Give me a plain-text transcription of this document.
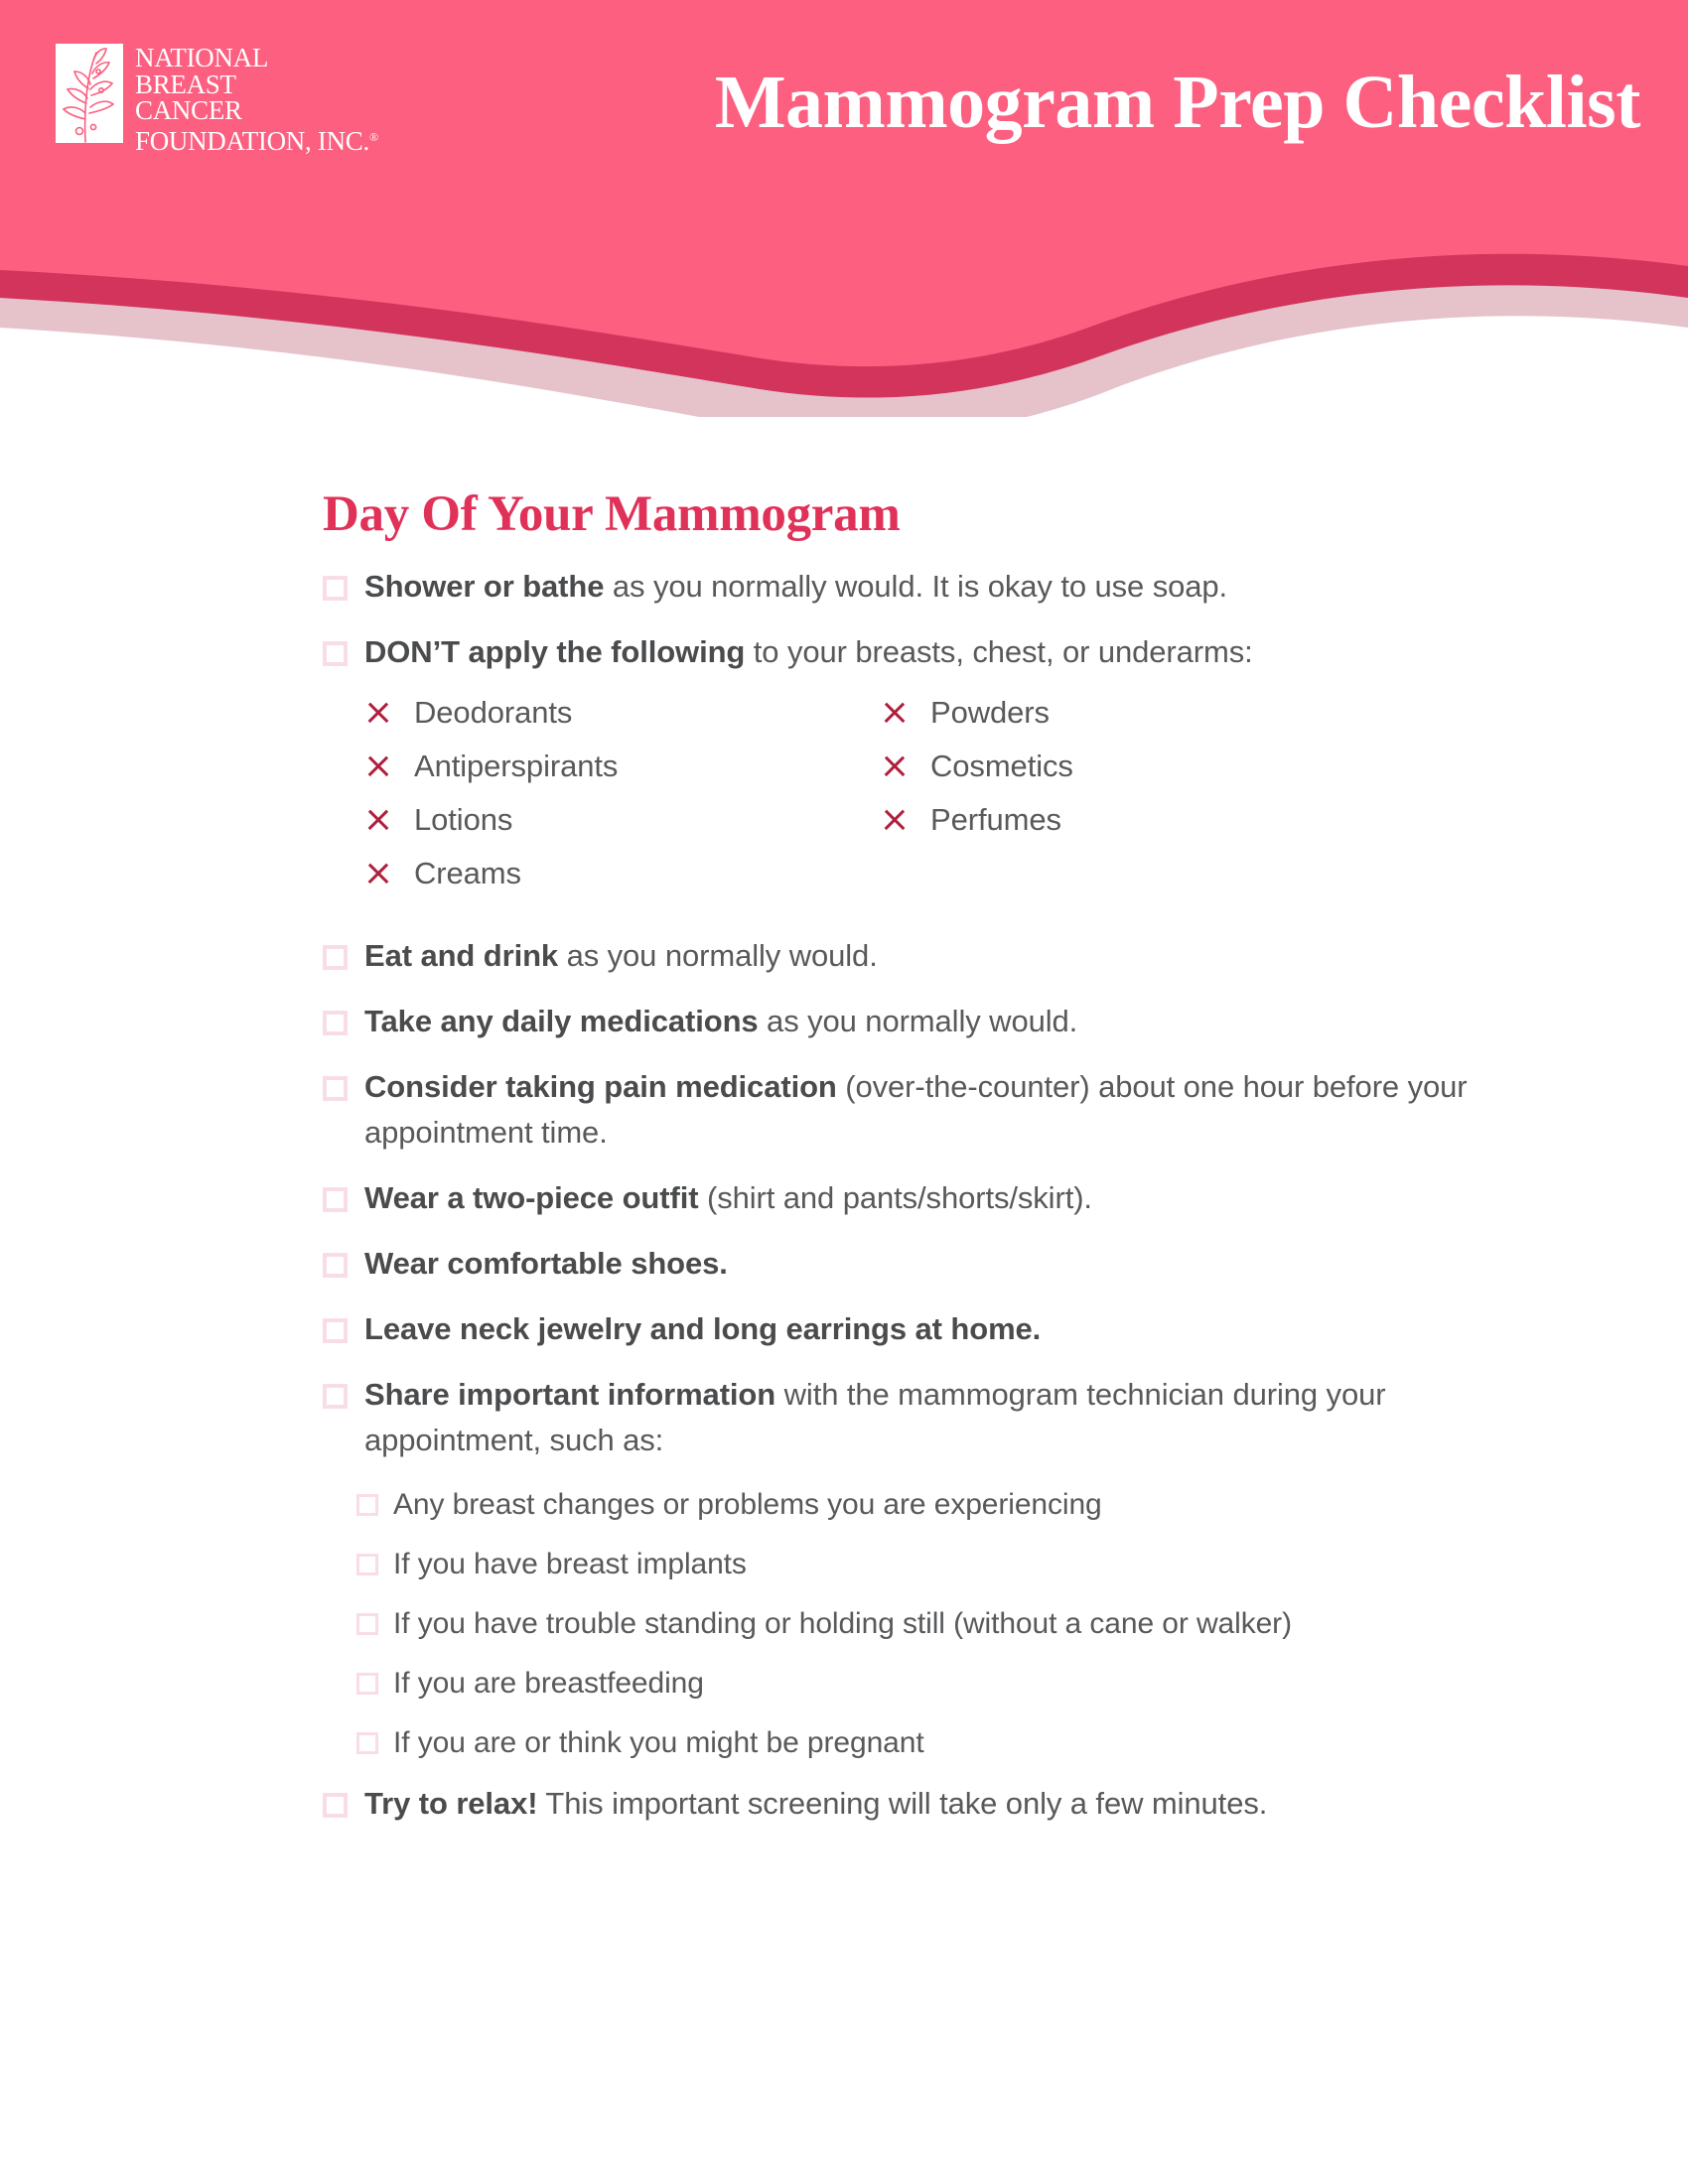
NATIONAL
BREAST
CANCER
FOUNDATION, INC.®	Mammogram Prep Checklist
Day Of Your Mammogram
Shower or bathe as you normally would. It is okay to use soap.
DON’T apply the following to your breasts, chest, or underarms:
Deodorants
Antiperspirants
Lotions
Creams
Powders
Cosmetics
Perfumes
Eat and drink as you normally would.
Take any daily medications as you normally would.
Consider taking pain medication (over-the-counter) about one hour before your appointment time.
Wear a two-piece outfit (shirt and pants/shorts/skirt).
Wear comfortable shoes.
Leave neck jewelry and long earrings at home.
Share important information with the mammogram technician during your appointment, such as:
Any breast changes or problems you are experiencing
If you have breast implants
If you have trouble standing or holding still (without a cane or walker)
If you are breastfeeding
If you are or think you might be pregnant
Try to relax! This important screening will take only a few minutes.
